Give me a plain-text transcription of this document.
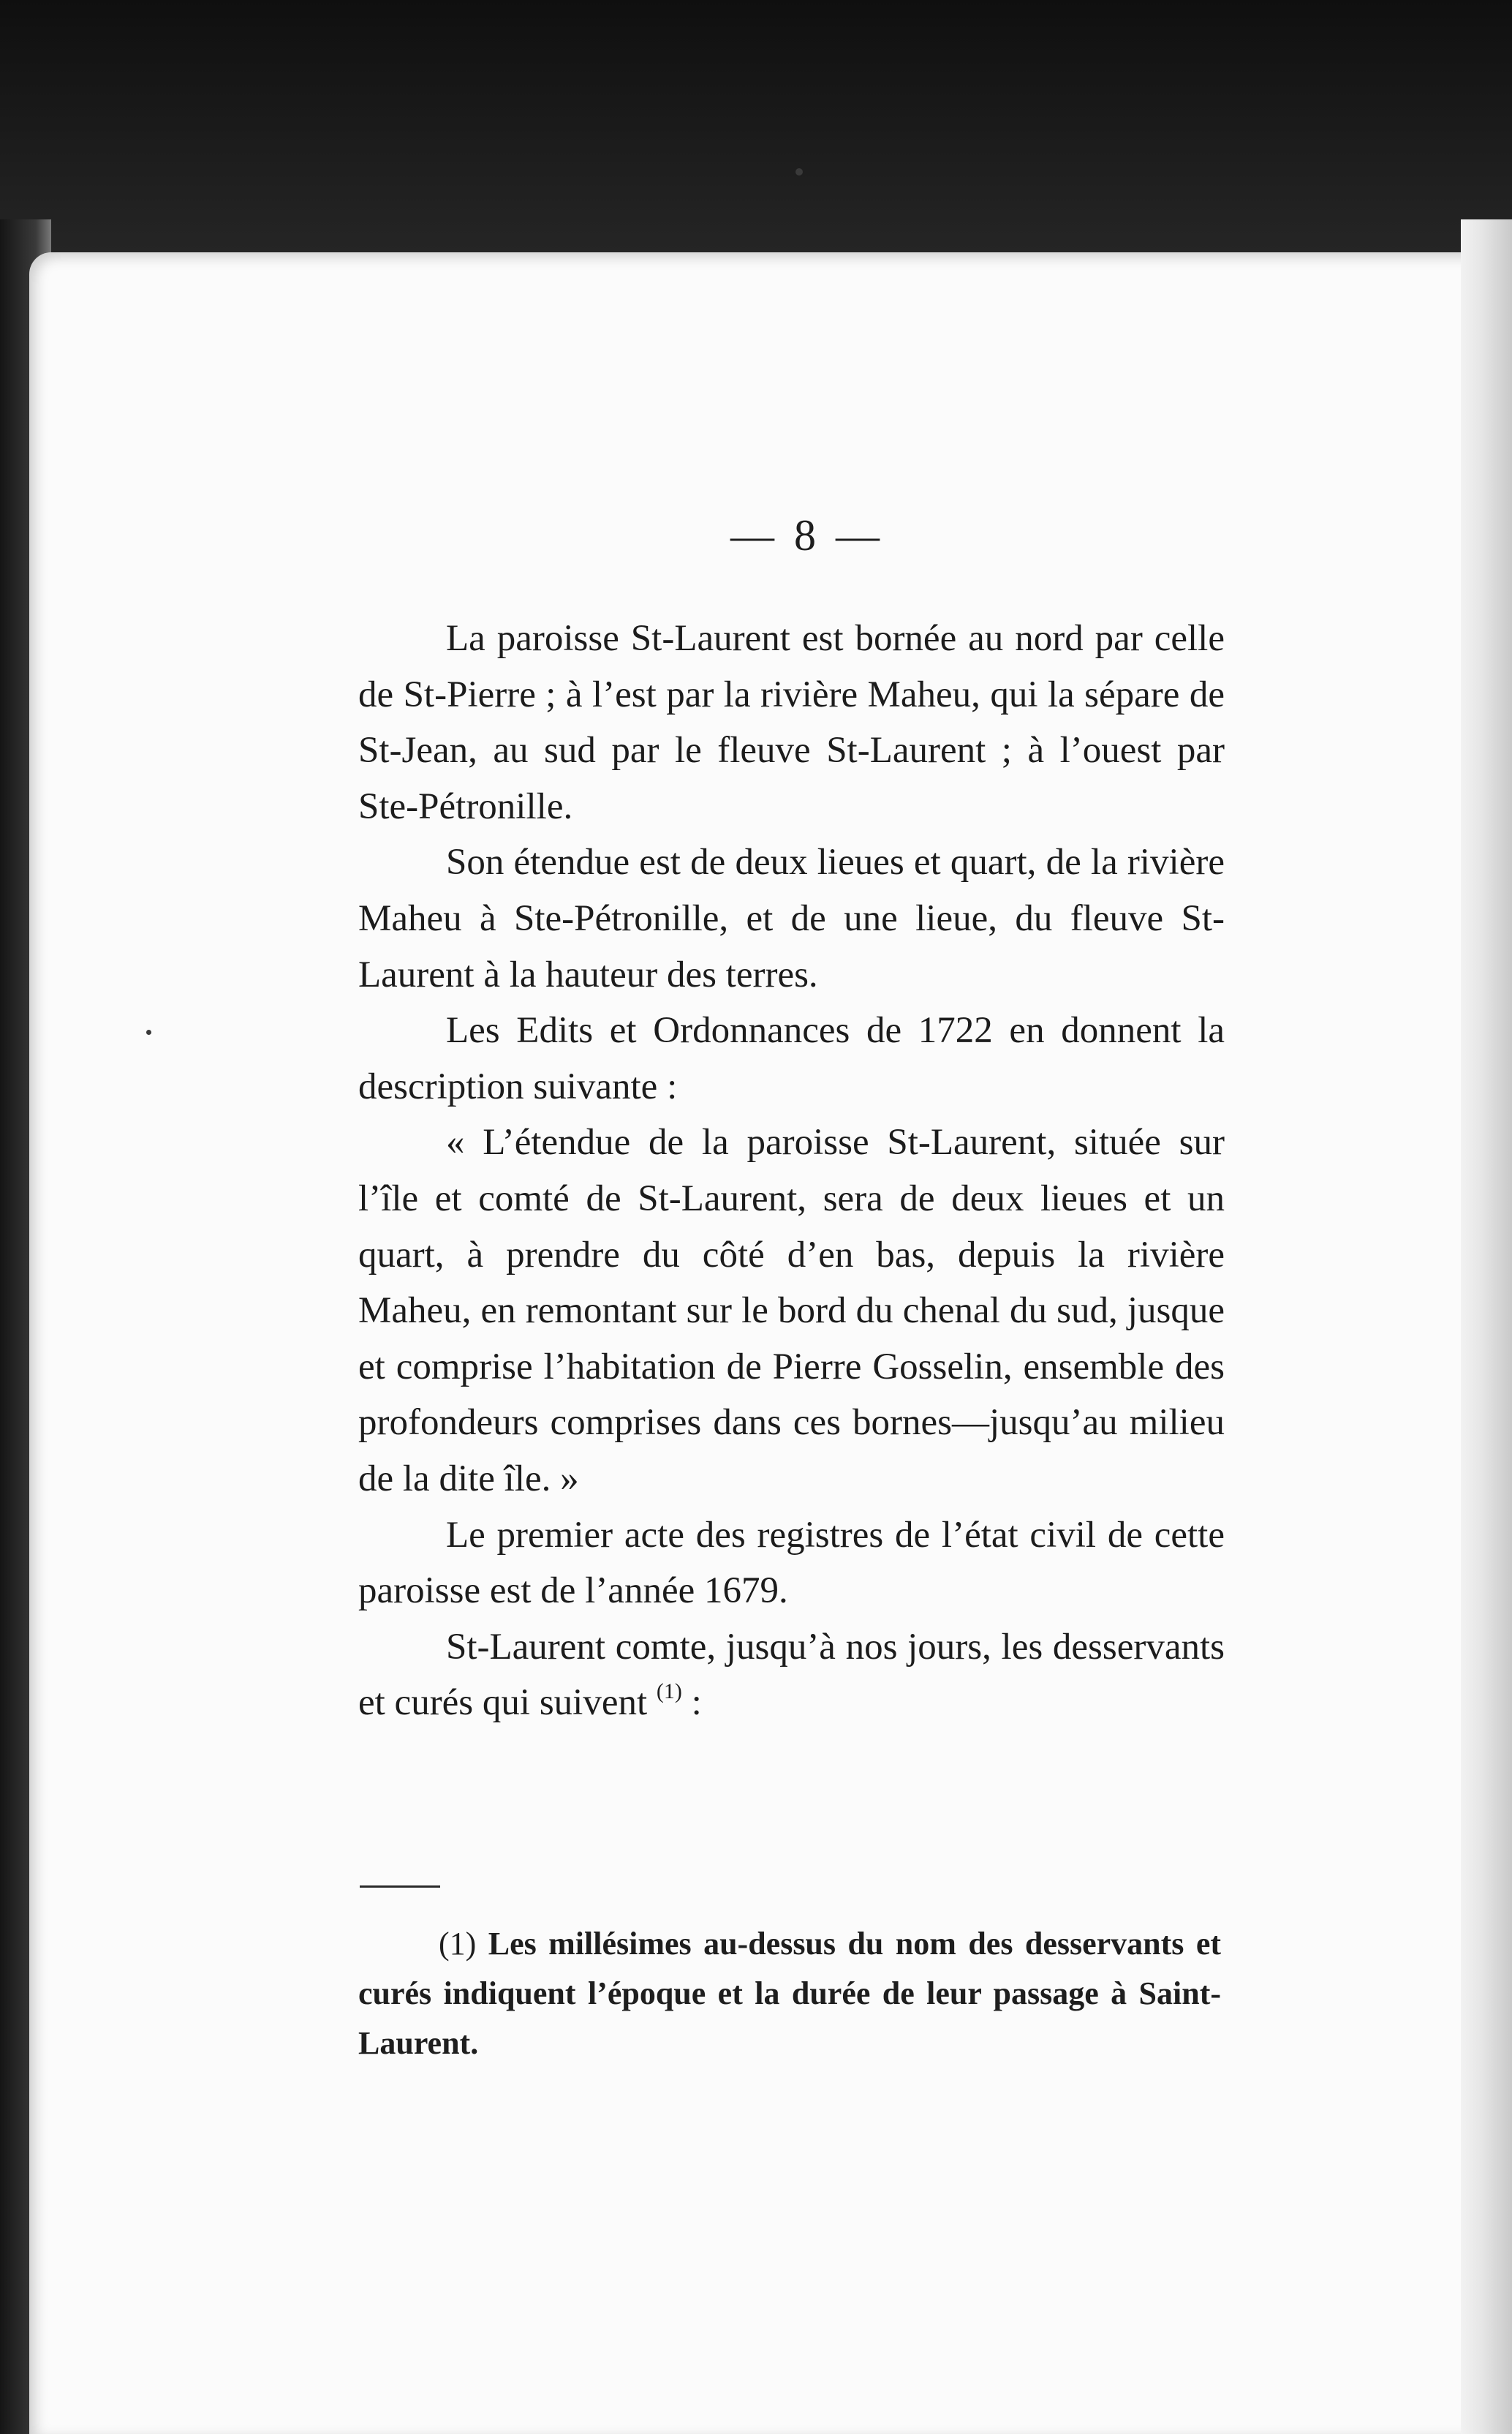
— 8 —

La paroisse St-Laurent est bornée au nord par celle de St-Pierre ; à l’est par la rivière Maheu, qui la sépare de St-Jean, au sud par le fleuve St-Laurent ; à l’ouest par Ste-Pétronille.

Son étendue est de deux lieues et quart, de la rivière Maheu à Ste-Pétronille, et de une lieue, du fleuve St-Laurent à la hauteur des terres.

Les Edits et Ordonnances de 1722 en donnent la description suivante :

« L’étendue de la paroisse St-Laurent, située sur l’île et comté de St-Laurent, sera de deux lieues et un quart, à prendre du côté d’en bas, depuis la rivière Maheu, en remontant sur le bord du chenal du sud, jusque et comprise l’habitation de Pierre Gosselin, ensemble des profondeurs comprises dans ces bornes—jusqu’au milieu de la dite île. »

Le premier acte des registres de l’état civil de cette paroisse est de l’année 1679.

St-Laurent comte, jusqu’à nos jours, les desservants et curés qui suivent $^{(1)}$ :

(1) Les millésimes au-dessus du nom des desservants et curés indiquent l’époque et la durée de leur passage à Saint-Laurent.
